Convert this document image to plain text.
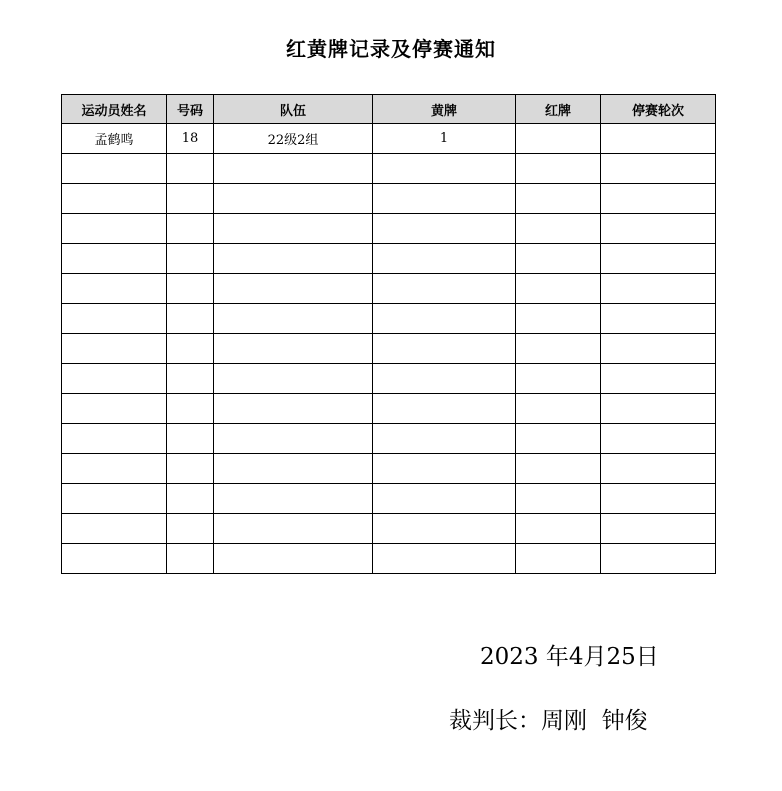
红黄牌记录及停赛通知
运动员姓名	号码	队伍	黄牌	红牌	停赛轮次
孟鹤鸣	18	22级2组	1		

2023 年4月25日
裁判长：周刚  钟俊
